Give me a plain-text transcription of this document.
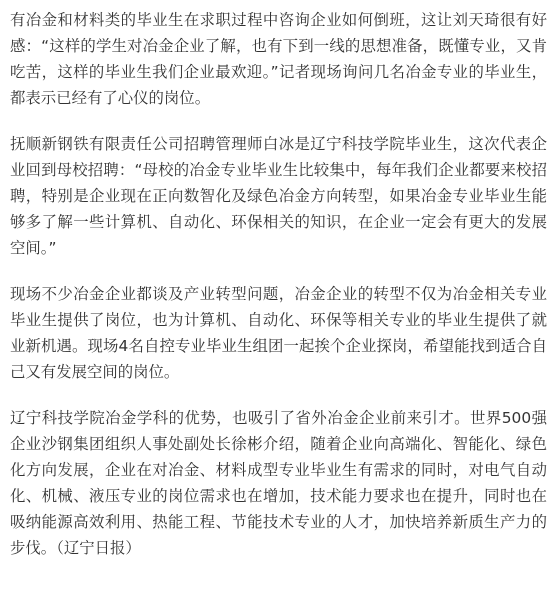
有冶金和材料类的毕业生在求职过程中咨询企业如何倒班，这让刘天琦很有好感：“这样的学生对冶金企业了解，也有下到一线的思想准备，既懂专业，又肯吃苦，这样的毕业生我们企业最欢迎。”记者现场询问几名冶金专业的毕业生，都表示已经有了心仪的岗位。

抚顺新钢铁有限责任公司招聘管理师白冰是辽宁科技学院毕业生，这次代表企业回到母校招聘：“母校的冶金专业毕业生比较集中，每年我们企业都要来校招聘，特别是企业现在正向数智化及绿色冶金方向转型，如果冶金专业毕业生能够多了解一些计算机、自动化、环保相关的知识，在企业一定会有更大的发展空间。”

现场不少冶金企业都谈及产业转型问题，冶金企业的转型不仅为冶金相关专业毕业生提供了岗位，也为计算机、自动化、环保等相关专业的毕业生提供了就业新机遇。现场4名自控专业毕业生组团一起挨个企业探岗，希望能找到适合自己又有发展空间的岗位。

辽宁科技学院冶金学科的优势，也吸引了省外冶金企业前来引才。世界500强企业沙钢集团组织人事处副处长徐彬介绍，随着企业向高端化、智能化、绿色化方向发展，企业在对冶金、材料成型专业毕业生有需求的同时，对电气自动化、机械、液压专业的岗位需求也在增加，技术能力要求也在提升，同时也在吸纳能源高效利用、热能工程、节能技术专业的人才，加快培养新质生产力的步伐。（辽宁日报）
